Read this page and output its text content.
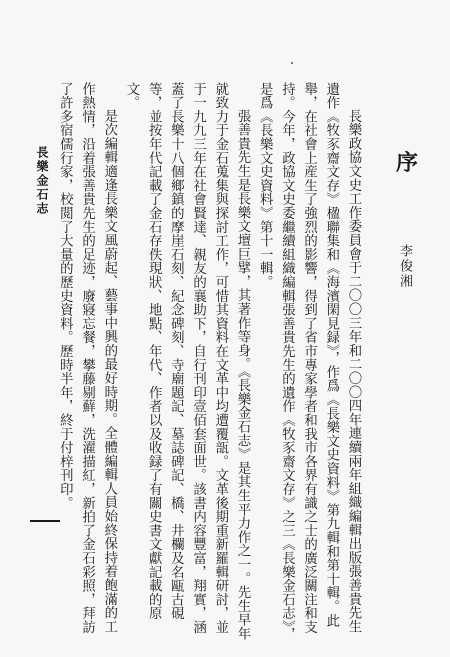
序
李俊湘

長樂政協文史工作委員會于二〇〇三年和二〇〇四年連續兩年組織編輯出版張善貴先生遺作《牧豕齋文存》楹聯集和《海濱閑見録》，作爲《長樂文史資料》第九輯和第十輯。此舉，在社會上産生了強烈的影響，得到了省市專家學者和我市各界有識之士的廣泛關注和支持。今年，政協文史委繼續組織編輯張善貴先生的遺作《牧豕齋文存》之三《長樂金石志》，是爲《長樂文史資料》第十一輯。

張善貴先生是長樂文壇巨擘，其著作等身。《長樂金石志》是其生平力作之一。先生早年就致力于金石蒐集與探討工作，可惜其資料在文革中均遭覆瓿。文革後期重新羅輯研討，並于一九九三年在社會賢達、親友的襄助下，自行刊印壹佰套面世。該書内容豐富，翔實，涵蓋了長樂十八個鄉鎮的摩崖石刻、紀念碑刻、寺廟題記、墓誌碑記、橋、井欄及名甌古硯等，並按年代記載了金石存佚現狀、地點、年代、作者以及收録了有關史書文獻記載的原文。

是次編輯適逢長樂文風蔚起、藝事中興的最好時期。全體編輯人員始終保持着飽滿的工作熱情，沿着張善貴先生的足迹，廢寢忘餐，攀藤剔蘚，洗濯描紅，新拍了金石彩照，拜訪了許多宿儒行家，校閲了大量的歷史資料。歷時半年，終于付梓刊印。

長樂金石志
